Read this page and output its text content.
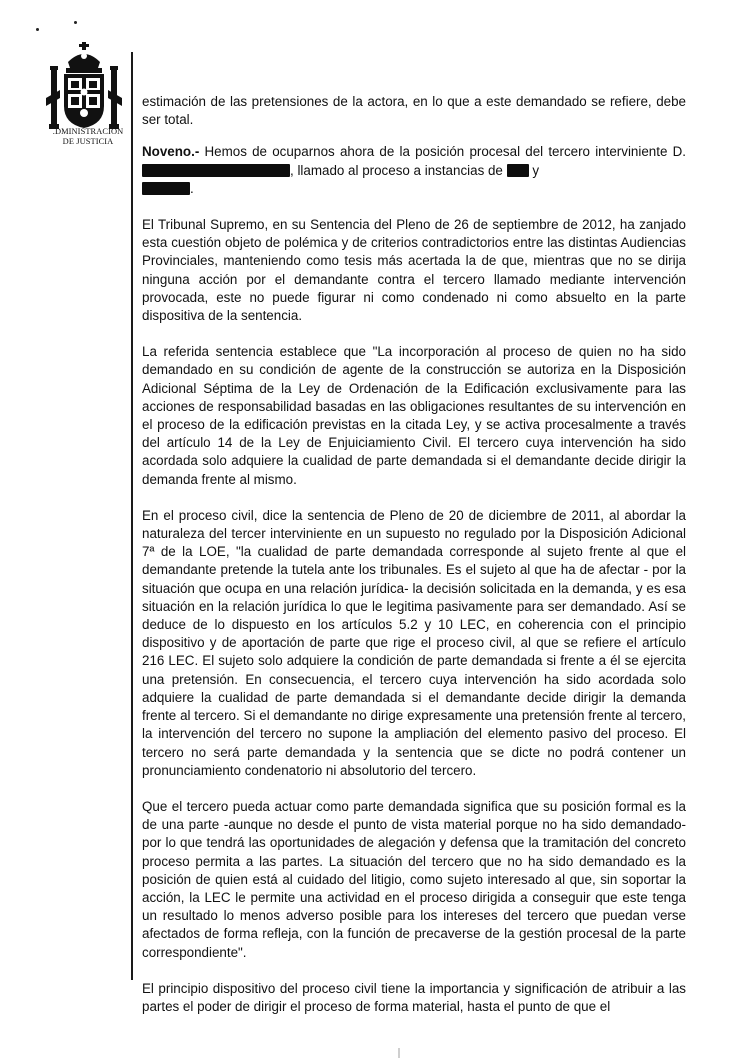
.DMINISTRACION
DE JUSTICIA

estimación de las pretensiones de la actora, en lo que a este demandado se refiere, debe ser total.

Noveno.- Hemos de ocuparnos ahora de la posición procesal del tercero interviniente D. , llamado al proceso a instancias de  y
.

El Tribunal Supremo, en su Sentencia del Pleno de 26 de septiembre de 2012, ha zanjado esta cuestión objeto de polémica y de criterios contradictorios entre las distintas Audiencias Provinciales, manteniendo como tesis más acertada la de que, mientras que no se dirija ninguna acción por el demandante contra el tercero llamado mediante intervención provocada, este no puede figurar ni como condenado ni como absuelto en la parte dispositiva de la sentencia.

La referida sentencia establece que "La incorporación al proceso de quien no ha sido demandado en su condición de agente de la construcción se autoriza en la Disposición Adicional Séptima de la Ley de Ordenación de la Edificación exclusivamente para las acciones de responsabilidad basadas en las obligaciones resultantes de su intervención en el proceso de la edificación previstas en la citada Ley, y se activa procesalmente a través del artículo 14 de la Ley de Enjuiciamiento Civil. El tercero cuya intervención ha sido acordada solo adquiere la cualidad de parte demandada si el demandante decide dirigir la demanda frente al mismo.

En el proceso civil, dice la sentencia de Pleno de 20 de diciembre de 2011, al abordar la naturaleza del tercer interviniente en un supuesto no regulado por la Disposición Adicional 7ª de la LOE, "la cualidad de parte demandada corresponde al sujeto frente al que el demandante pretende la tutela ante los tribunales. Es el sujeto al que ha de afectar - por la situación que ocupa en una relación jurídica- la decisión solicitada en la demanda, y es esa situación en la relación jurídica lo que le legitima pasivamente para ser demandado. Así se deduce de lo dispuesto en los artículos 5.2 y 10 LEC, en coherencia con el principio dispositivo y de aportación de parte que rige el proceso civil, al que se refiere el artículo 216 LEC. El sujeto solo adquiere la condición de parte demandada si frente a él se ejercita una pretensión. En consecuencia, el tercero cuya intervención ha sido acordada solo adquiere la cualidad de parte demandada si el demandante decide dirigir la demanda frente al tercero. Si el demandante no dirige expresamente una pretensión frente al tercero, la intervención del tercero no supone la ampliación del elemento pasivo del proceso. El tercero no será parte demandada y la sentencia que se dicte no podrá contener un pronunciamiento condenatorio ni absolutorio del tercero.

Que el tercero pueda actuar como parte demandada significa que su posición formal es la de una parte -aunque no desde el punto de vista material porque no ha sido demandado- por lo que tendrá las oportunidades de alegación y defensa que la tramitación del concreto proceso permita a las partes. La situación del tercero que no ha sido demandado es la posición de quien está al cuidado del litigio, como sujeto interesado al que, sin soportar la acción, la LEC le permite una actividad en el proceso dirigida a conseguir que este tenga un resultado lo menos adverso posible para los intereses del tercero que puedan verse afectados de forma refleja, con la función de precaverse de la gestión procesal de la parte correspondiente".

El principio dispositivo del proceso civil tiene la importancia y significación de atribuir a las partes el poder de dirigir el proceso de forma material, hasta el punto de que el
